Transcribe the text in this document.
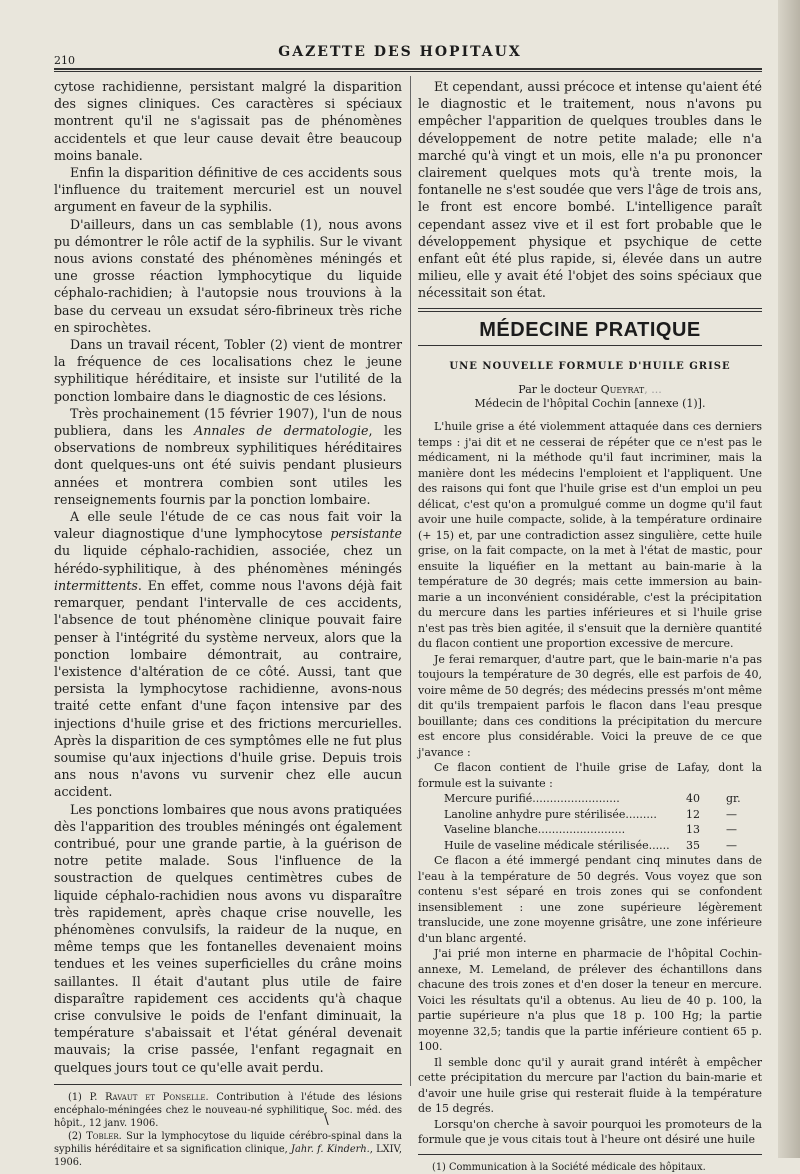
210
GAZETTE DES HOPITAUX

cytose rachidienne, persistant malgré la disparition des signes cliniques. Ces caractères si spéciaux montrent qu'il ne s'agissait pas de phénomènes accidentels et que leur cause devait être beaucoup moins banale.

Enfin la disparition définitive de ces accidents sous l'influence du traitement mercuriel est un nouvel argument en faveur de la syphilis.

D'ailleurs, dans un cas semblable (1), nous avons pu démontrer le rôle actif de la syphilis. Sur le vivant nous avions constaté des phénomènes méningés et une grosse réaction lymphocytique du liquide céphalo-rachidien; à l'autopsie nous trouvions à la base du cerveau un exsudat séro-fibrineux très riche en spirochètes.

Dans un travail récent, Tobler (2) vient de montrer la fréquence de ces localisations chez le jeune syphilitique héréditaire, et insiste sur l'utilité de la ponction lombaire dans le diagnostic de ces lésions.

Très prochainement (15 février 1907), l'un de nous publiera, dans les Annales de dermatologie, les observations de nombreux syphilitiques héréditaires dont quelques-uns ont été suivis pendant plusieurs années et montrera combien sont utiles les renseignements fournis par la ponction lombaire.

A elle seule l'étude de ce cas nous fait voir la valeur diagnostique d'une lymphocytose persistante du liquide céphalo-rachidien, associée, chez un hérédo-syphilitique, à des phénomènes méningés intermittents. En effet, comme nous l'avons déjà fait remarquer, pendant l'intervalle de ces accidents, l'absence de tout phénomène clinique pouvait faire penser à l'intégrité du système nerveux, alors que la ponction lombaire démontrait, au contraire, l'existence d'altération de ce côté. Aussi, tant que persista la lymphocytose rachidienne, avons-nous traité cette enfant d'une façon intensive par des injections d'huile grise et des frictions mercurielles. Après la disparition de ces symptômes elle ne fut plus soumise qu'aux injections d'huile grise. Depuis trois ans nous n'avons vu survenir chez elle aucun accident.

Les ponctions lombaires que nous avons pratiquées dès l'apparition des troubles méningés ont également contribué, pour une grande partie, à la guérison de notre petite malade. Sous l'influence de la soustraction de quelques centimètres cubes de liquide céphalo-rachidien nous avons vu disparaître très rapidement, après chaque crise nouvelle, les phénomènes convulsifs, la raideur de la nuque, en même temps que les fontanelles devenaient moins tendues et les veines superficielles du crâne moins saillantes. Il était d'autant plus utile de faire disparaître rapidement ces accidents qu'à chaque crise convulsive le poids de l'enfant diminuait, la température s'abaissait et l'état général devenait mauvais; la crise passée, l'enfant regagnait en quelques jours tout ce qu'elle avait perdu.

(1) P. Ravaut et Ponselle. Contribution à l'étude des lésions encéphalo-méningées chez le nouveau-né syphilitique, Soc. méd. des hôpit., 12 janv. 1906.

(2) Tobler. Sur la lymphocytose du liquide cérébro-spinal dans la syphilis héréditaire et sa signification clinique, Jahr. f. Kinderh., LXIV, 1906.

Et cependant, aussi précoce et intense qu'aient été le diagnostic et le traitement, nous n'avons pu empêcher l'apparition de quelques troubles dans le développement de notre petite malade; elle n'a marché qu'à vingt et un mois, elle n'a pu prononcer clairement quelques mots qu'à trente mois, la fontanelle ne s'est soudée que vers l'âge de trois ans, le front est encore bombé. L'intelligence paraît cependant assez vive et il est fort probable que le développement physique et psychique de cette enfant eût été plus rapide, si, élevée dans un autre milieu, elle y avait été l'objet des soins spéciaux que nécessitait son état.

MÉDECINE PRATIQUE
UNE NOUVELLE FORMULE D'HUILE GRISE
Par le docteur Queyrat, ...
Médecin de l'hôpital Cochin [annexe (1)].

L'huile grise a été violemment attaquée dans ces derniers temps : j'ai dit et ne cesserai de répéter que ce n'est pas le médicament, ni la méthode qu'il faut incriminer, mais la manière dont les médecins l'emploient et l'appliquent. Une des raisons qui font que l'huile grise est d'un emploi un peu délicat, c'est qu'on a promulgué comme un dogme qu'il faut avoir une huile compacte, solide, à la température ordinaire (+ 15) et, par une contradiction assez singulière, cette huile grise, on la fait compacte, on la met à l'état de mastic, pour ensuite la liquéfier en la mettant au bain-marie à la température de 30 degrés; mais cette immersion au bain-marie a un inconvénient considérable, c'est la précipitation du mercure dans les parties inférieures et si l'huile grise n'est pas très bien agitée, il s'ensuit que la dernière quantité du flacon contient une proportion excessive de mercure.

Je ferai remarquer, d'autre part, que le bain-marie n'a pas toujours la température de 30 degrés, elle est parfois de 40, voire même de 50 degrés; des médecins pressés m'ont même dit qu'ils trempaient parfois le flacon dans l'eau presque bouillante; dans ces conditions la précipitation du mercure est encore plus considérable. Voici la preuve de ce que j'avance :

Ce flacon contient de l'huile grise de Lafay, dont la formule est la suivante :

Mercure purifié.........................	40	gr.
Lanoline anhydre pure stérilisée.........	12	—
Vaseline blanche.........................	13	—
Huile de vaseline médicale stérilisée......	35	—

Ce flacon a été immergé pendant cinq minutes dans de l'eau à la température de 50 degrés. Vous voyez que son contenu s'est séparé en trois zones qui se confondent insensiblement : une zone supérieure légèrement translucide, une zone moyenne grisâtre, une zone inférieure d'un blanc argenté.

J'ai prié mon interne en pharmacie de l'hôpital Cochin-annexe, M. Lemeland, de prélever des échantillons dans chacune des trois zones et d'en doser la teneur en mercure. Voici les résultats qu'il a obtenus. Au lieu de 40 p. 100, la partie supérieure n'a plus que 18 p. 100 Hg; la partie moyenne 32,5; tandis que la partie inférieure contient 65 p. 100.

Il semble donc qu'il y aurait grand intérêt à empêcher cette précipitation du mercure par l'action du bain-marie et d'avoir une huile grise qui resterait fluide à la température de 15 degrés.

Lorsqu'on cherche à savoir pourquoi les promoteurs de la formule que je vous citais tout à l'heure ont désiré une huile

(1) Communication à la Société médicale des hôpitaux.

\
